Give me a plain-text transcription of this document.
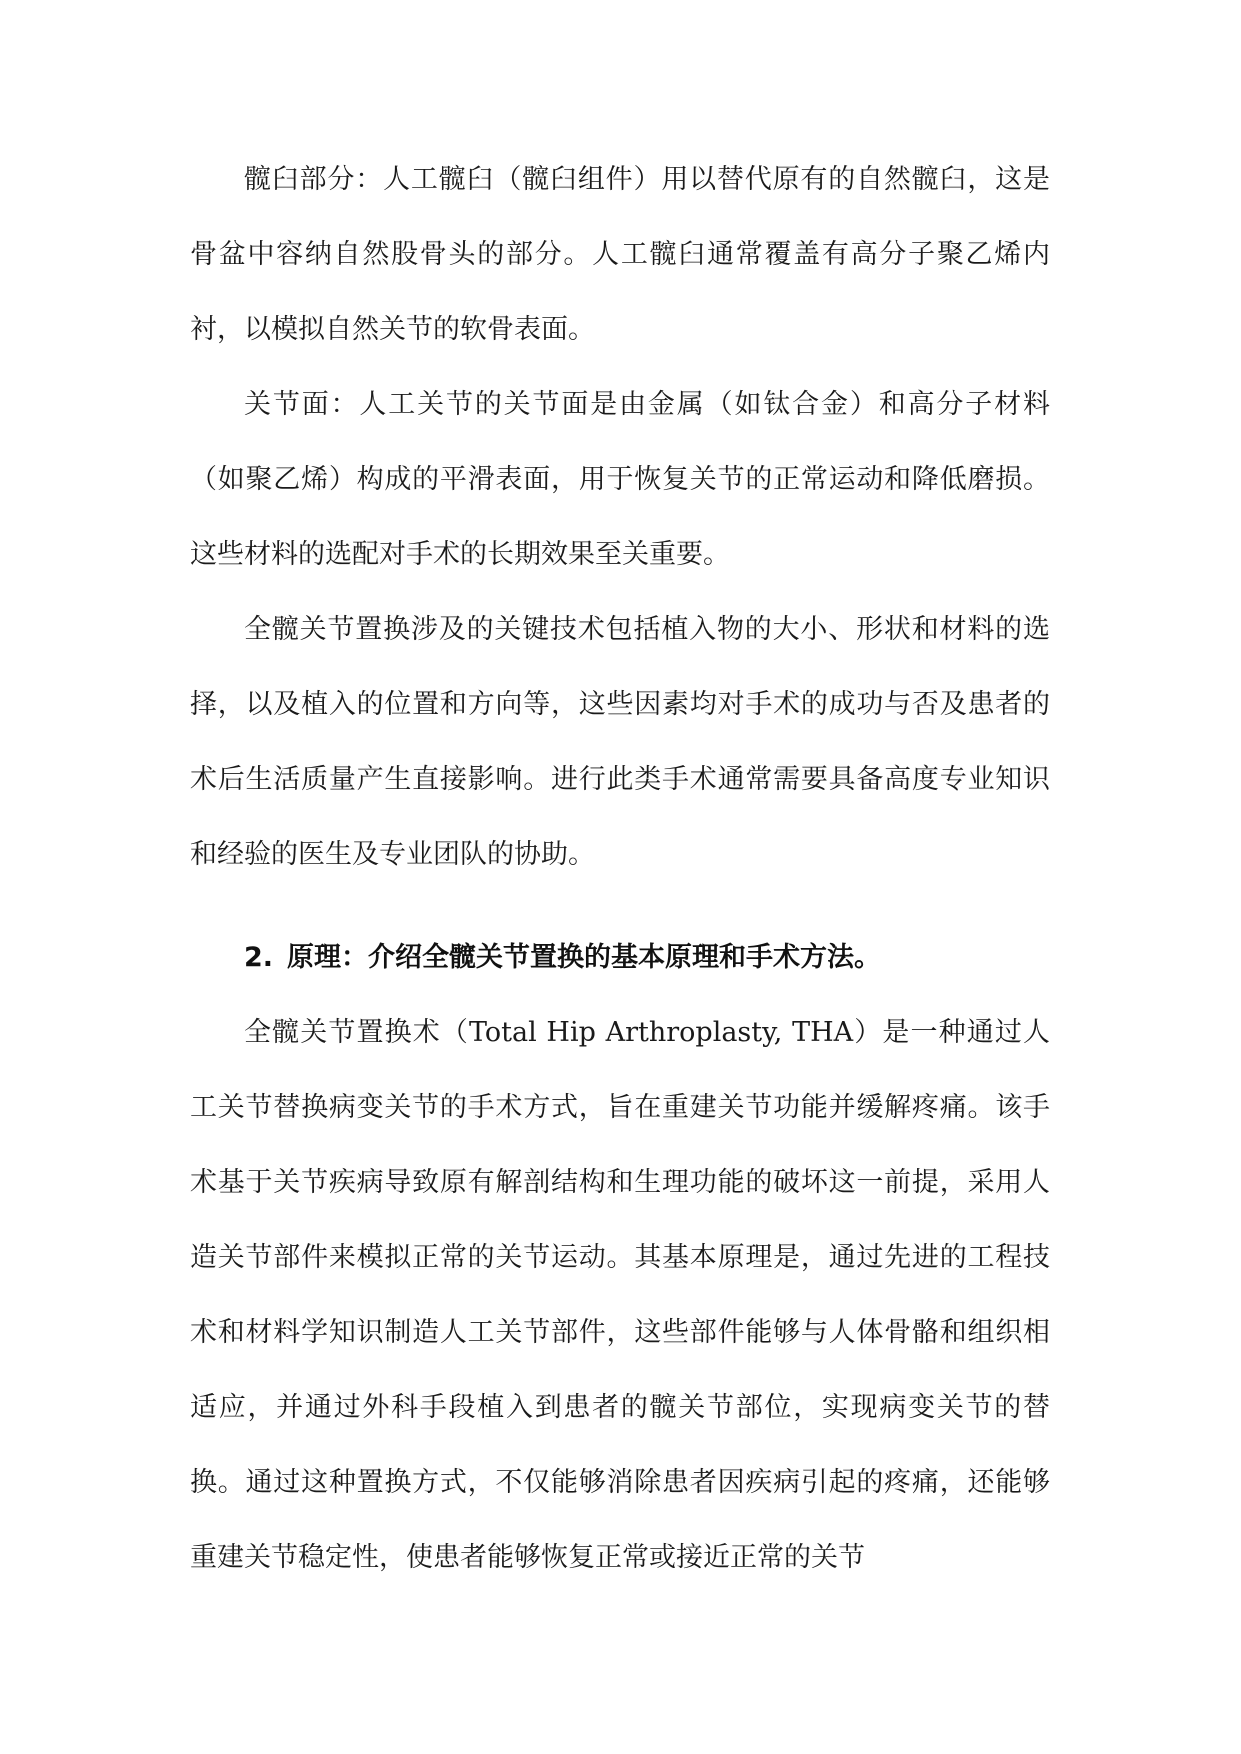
髋臼部分：人工髋臼（髋臼组件）用以替代原有的自然髋臼，这是骨盆中容纳自然股骨头的部分。人工髋臼通常覆盖有高分子聚乙烯内衬，以模拟自然关节的软骨表面。

关节面：人工关节的关节面是由金属（如钛合金）和高分子材料（如聚乙烯）构成的平滑表面，用于恢复关节的正常运动和降低磨损。这些材料的选配对手术的长期效果至关重要。

全髋关节置换涉及的关键技术包括植入物的大小、形状和材料的选择，以及植入的位置和方向等，这些因素均对手术的成功与否及患者的术后生活质量产生直接影响。进行此类手术通常需要具备高度专业知识和经验的医生及专业团队的协助。

2. 原理：介绍全髋关节置换的基本原理和手术方法。

全髋关节置换术（Total Hip Arthroplasty, THA）是一种通过人工关节替换病变关节的手术方式，旨在重建关节功能并缓解疼痛。该手术基于关节疾病导致原有解剖结构和生理功能的破坏这一前提，采用人造关节部件来模拟正常的关节运动。其基本原理是，通过先进的工程技术和材料学知识制造人工关节部件，这些部件能够与人体骨骼和组织相适应，并通过外科手段植入到患者的髋关节部位，实现病变关节的替换。通过这种置换方式，不仅能够消除患者因疾病引起的疼痛，还能够重建关节稳定性，使患者能够恢复正常或接近正常的关节
